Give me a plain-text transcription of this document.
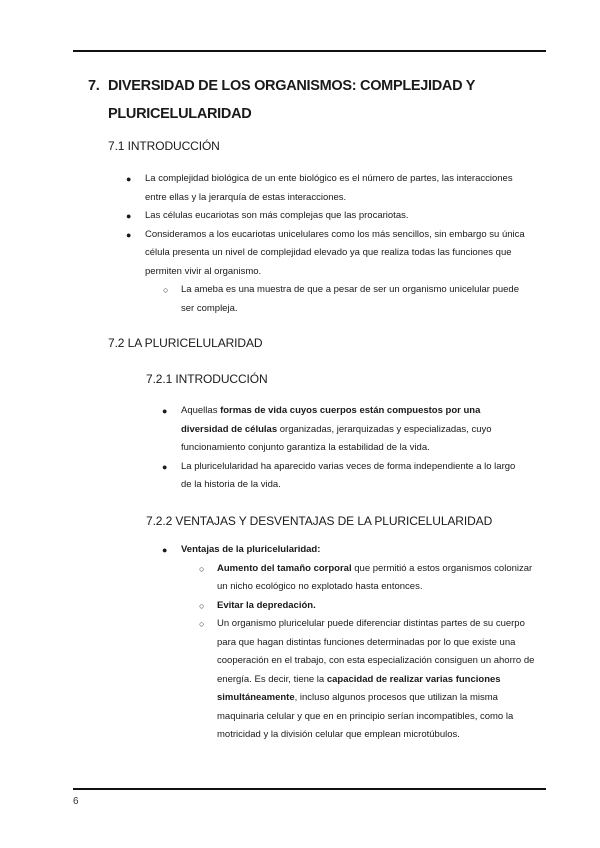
7. DIVERSIDAD DE LOS ORGANISMOS: COMPLEJIDAD Y PLURICELULARIDAD
7.1 INTRODUCCIÓN
● La complejidad biológica de un ente biológico es el número de partes, las interacciones entre ellas y la jerarquía de estas interacciones.
● Las células eucariotas son más complejas que las procariotas.
● Consideramos a los eucariotas unicelulares como los más sencillos, sin embargo su única célula presenta un nivel de complejidad elevado ya que realiza todas las funciones que permiten vivir al organismo.
○ La ameba es una muestra de que a pesar de ser un organismo unicelular puede ser compleja.
7.2 LA PLURICELULARIDAD
7.2.1 INTRODUCCIÓN
● Aquellas formas de vida cuyos cuerpos están compuestos por una diversidad de células organizadas, jerarquizadas y especializadas, cuyo funcionamiento conjunto garantiza la estabilidad de la vida.
● La pluricelularidad ha aparecido varias veces de forma independiente a lo largo de la historia de la vida.
7.2.2 VENTAJAS Y DESVENTAJAS DE LA PLURICELULARIDAD
● Ventajas de la pluricelularidad:
○ Aumento del tamaño corporal que permitió a estos organismos colonizar un nicho ecológico no explotado hasta entonces.
○ Evitar la depredación.
○ Un organismo pluricelular puede diferenciar distintas partes de su cuerpo para que hagan distintas funciones determinadas por lo que existe una cooperación en el trabajo, con esta especialización consiguen un ahorro de energía. Es decir, tiene la capacidad de realizar varias funciones simultáneamente, incluso algunos procesos que utilizan la misma maquinaria celular y que en en principio serían incompatibles, como la motricidad y la división celular que emplean microtúbulos.
6
